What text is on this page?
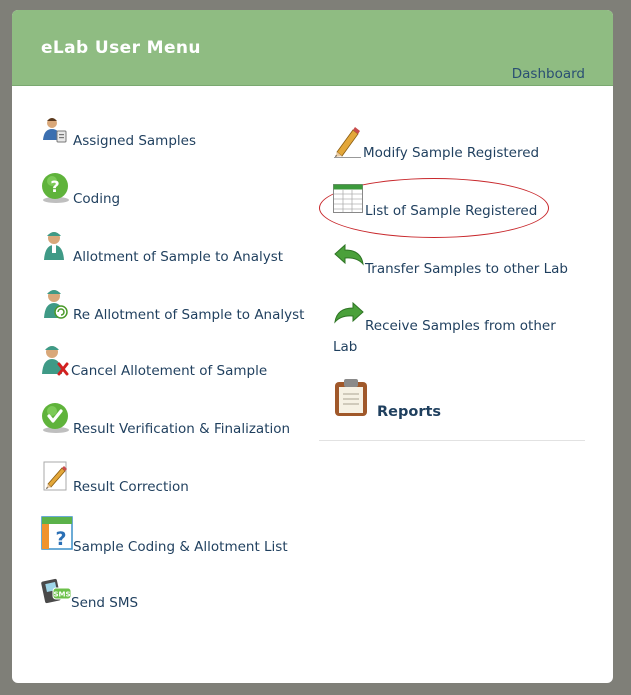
eLab User Menu
Dashboard
Assigned Samples
?
Coding
Allotment of Sample to Analyst
Re Allotment of Sample to Analyst
Cancel Allotement of Sample
Result Verification & Finalization
Result Correction
? Sample Coding & Allotment List
SMS
Send SMS
Modify Sample Registered
List of Sample Registered
Transfer Samples to other Lab
Receive Samples from other Lab
Reports
